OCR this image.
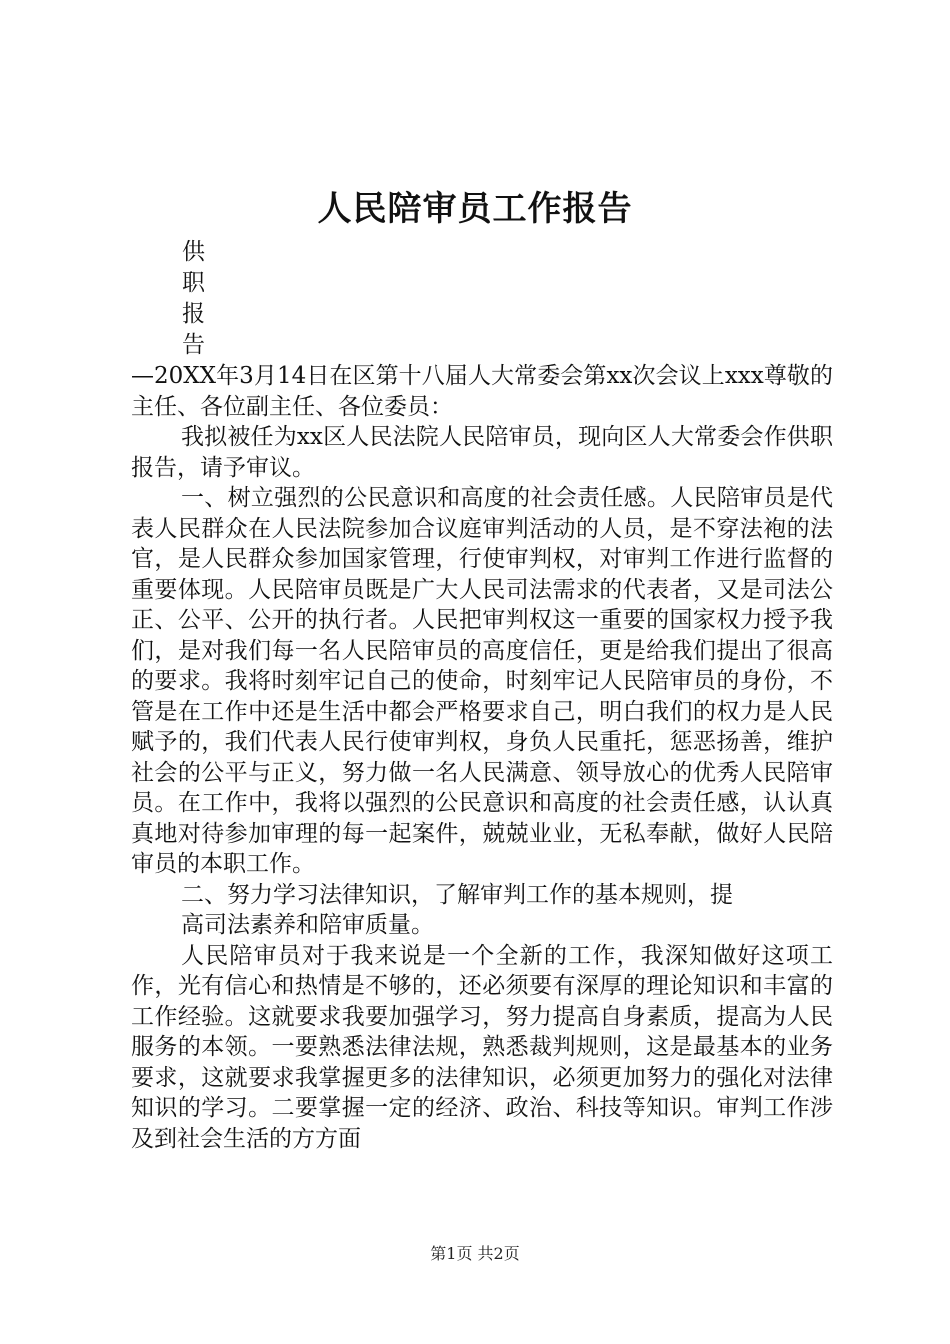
人民陪审员工作报告
供
职
报
告

—20XX年3月14日在区第十八届人大常委会第xx次会议上xxx尊敬的主任、各位副主任、各位委员：

我拟被任为xx区人民法院人民陪审员，现向区人大常委会作供职报告，请予审议。

一、树立强烈的公民意识和高度的社会责任感。人民陪审员是代表人民群众在人民法院参加合议庭审判活动的人员，是不穿法袍的法官，是人民群众参加国家管理，行使审判权，对审判工作进行监督的重要体现。人民陪审员既是广大人民司法需求的代表者，又是司法公正、公平、公开的执行者。人民把审判权这一重要的国家权力授予我们，是对我们每一名人民陪审员的高度信任，更是给我们提出了很高的要求。我将时刻牢记自己的使命，时刻牢记人民陪审员的身份，不管是在工作中还是生活中都会严格要求自己，明白我们的权力是人民赋予的，我们代表人民行使审判权，身负人民重托，惩恶扬善，维护社会的公平与正义，努力做一名人民满意、领导放心的优秀人民陪审员。在工作中，我将以强烈的公民意识和高度的社会责任感，认认真真地对待参加审理的每一起案件，兢兢业业，无私奉献，做好人民陪审员的本职工作。

二、努力学习法律知识，了解审判工作的基本规则，提

高司法素养和陪审质量。

人民陪审员对于我来说是一个全新的工作，我深知做好这项工作，光有信心和热情是不够的，还必须要有深厚的理论知识和丰富的工作经验。这就要求我要加强学习，努力提高自身素质，提高为人民服务的本领。一要熟悉法律法规，熟悉裁判规则，这是最基本的业务要求，这就要求我掌握更多的法律知识，必须更加努力的强化对法律知识的学习。二要掌握一定的经济、政治、科技等知识。审判工作涉及到社会生活的方方面

第1页 共2页
